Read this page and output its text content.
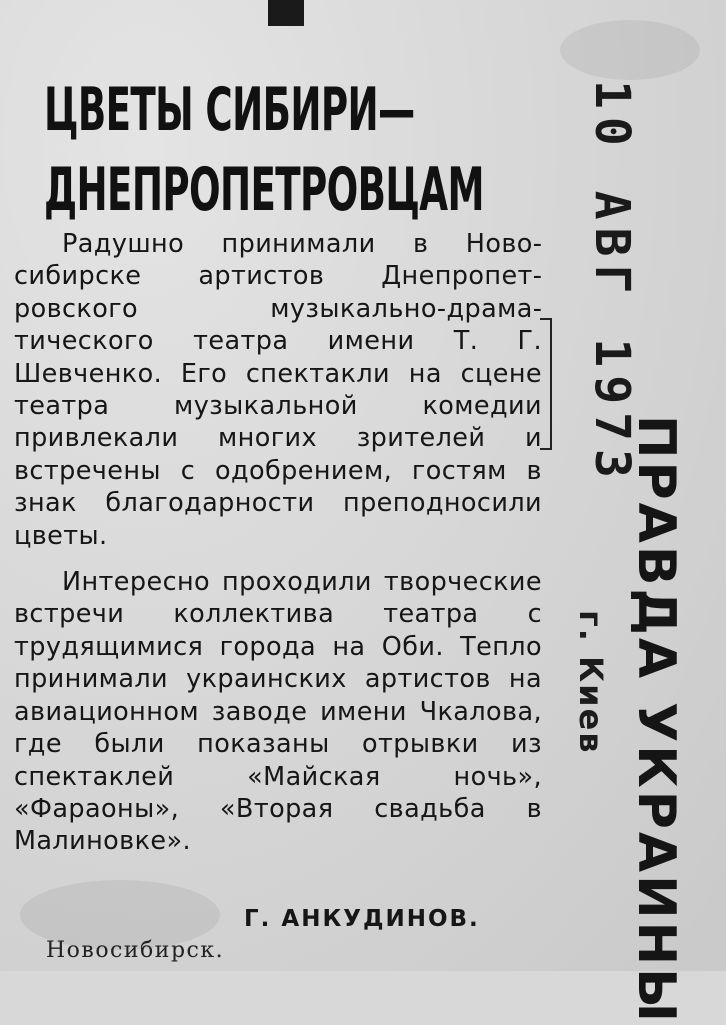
ЦВЕТЫ СИБИРИ—
ДНЕПРОПЕТРОВЦАМ

Радушно принимали в Новосибирске артистов Днепропетровского музыкально-драматического театра имени Т. Г. Шевченко. Его спектакли на сцене театра музыкальной комедии привлекали многих зрителей и встречены с одобрением, гостям в знак благодарности преподносили цветы.

Интересно проходили творческие встречи коллектива театра с трудящимися города на Оби. Тепло принимали украинских артистов на авиационном заводе имени Чкалова, где были показаны отрывки из спектаклей «Майская ночь», «Фараоны», «Вторая свадьба в Малиновке».

Г. АНКУДИНОВ.
Новосибирск.
10 АВГ 1973
г. Киев ПРАВДА УКРАИНЫ
